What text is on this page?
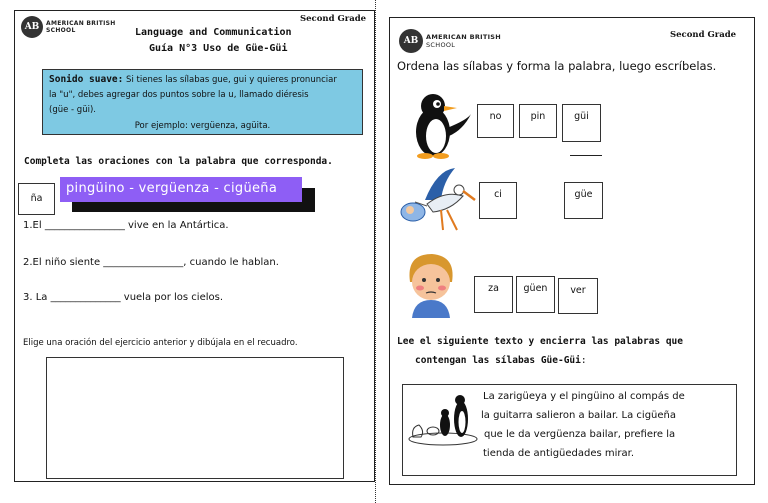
AB	AMERICAN BRITISH
SCHOOL
Second Grade
Language and Communication
Guía N°3 Uso de Güe-Güi
Sonido suave: Si tienes las sílabas gue, gui y quieres pronunciar
la "u", debes agregar dos puntos sobre la u, llamado diéresis
(güe - güi).
Por ejemplo: vergüenza, agüita.
Completa las oraciones con la palabra que corresponda.
ña
pingüino - vergüenza - cigüeña
1.El ________________ vive en la Antártica.
2.El niño siente ________________, cuando le hablan.
3. La ______________ vuela por los cielos.
Elige una oración del ejercicio anterior y dibújala en el recuadro.
AB	AMERICAN BRITISH
SCHOOL
Second Grade
Ordena las sílabas y forma la palabra, luego escríbelas.
no	pin	güi
ci	güe
za	güen	ver
Lee el siguiente texto y encierra las palabras que
contengan las sílabas Güe-Güi:
La zarigüeya y el pingüino al compás de
la guitarra salieron a bailar. La cigüeña
que le da vergüenza bailar, prefiere la
tienda de antigüedades mirar.
